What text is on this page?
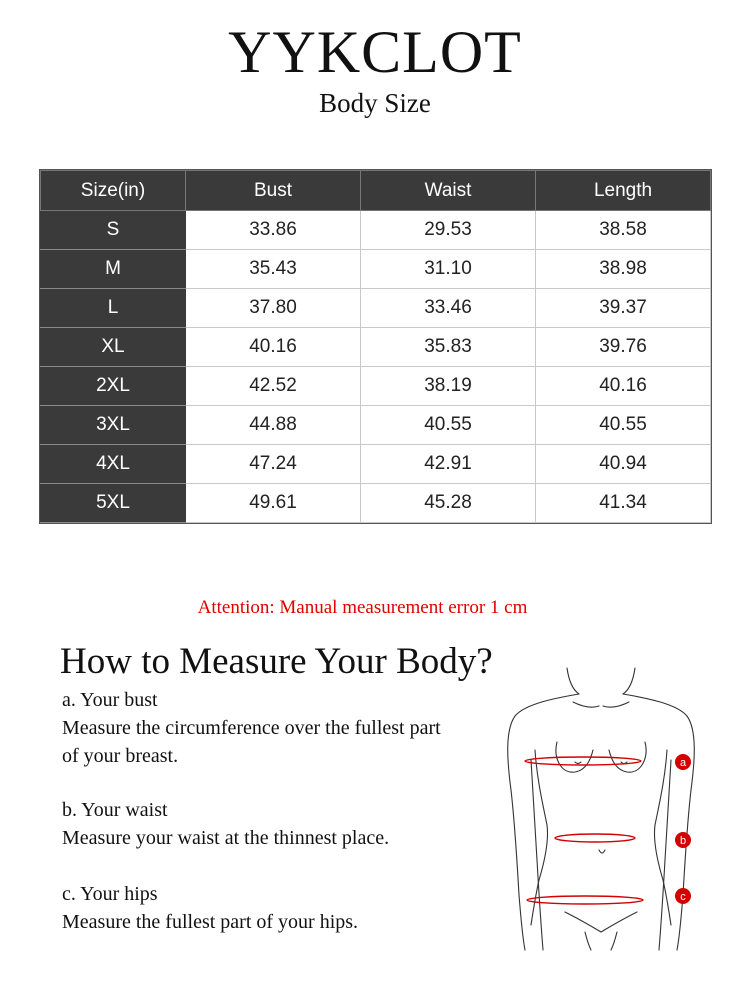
YYKCLOT
Body Size
Size(in)	Bust	Waist	Length
S	33.86	29.53	38.58
M	35.43	31.10	38.98
L	37.80	33.46	39.37
XL	40.16	35.83	39.76
2XL	42.52	38.19	40.16
3XL	44.88	40.55	40.55
4XL	47.24	42.91	40.94
5XL	49.61	45.28	41.34
Attention: Manual measurement error 1 cm
How to Measure Your Body?
a. Your bust
Measure the circumference over the fullest part
of your breast.
b. Your waist
Measure your waist at the thinnest place.
c. Your hips
Measure the fullest part of your hips.
a
b
c
